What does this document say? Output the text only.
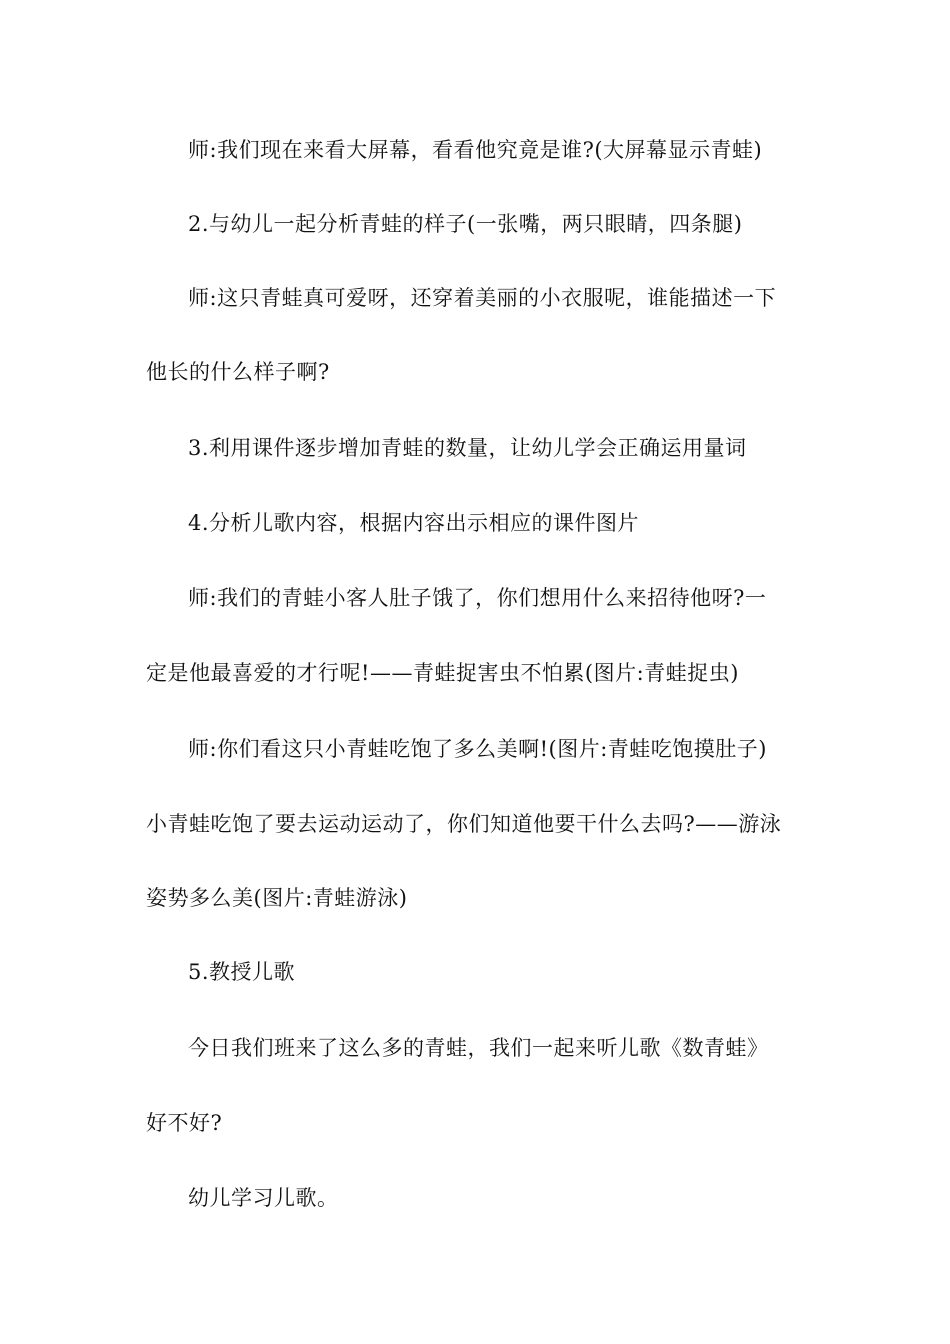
师:我们现在来看大屏幕，看看他究竟是谁?(大屏幕显示青蛙)
2.与幼儿一起分析青蛙的样子(一张嘴，两只眼睛，四条腿)
师:这只青蛙真可爱呀，还穿着美丽的小衣服呢，谁能描述一下
他长的什么样子啊?
3.利用课件逐步增加青蛙的数量，让幼儿学会正确运用量词
4.分析儿歌内容，根据内容出示相应的课件图片
师:我们的青蛙小客人肚子饿了，你们想用什么来招待他呀?一
定是他最喜爱的才行呢!——青蛙捉害虫不怕累(图片:青蛙捉虫)
师:你们看这只小青蛙吃饱了多么美啊!(图片:青蛙吃饱摸肚子)
小青蛙吃饱了要去运动运动了，你们知道他要干什么去吗?——游泳
姿势多么美(图片:青蛙游泳)
5.教授儿歌
今日我们班来了这么多的青蛙，我们一起来听儿歌《数青蛙》
好不好?
幼儿学习儿歌。
